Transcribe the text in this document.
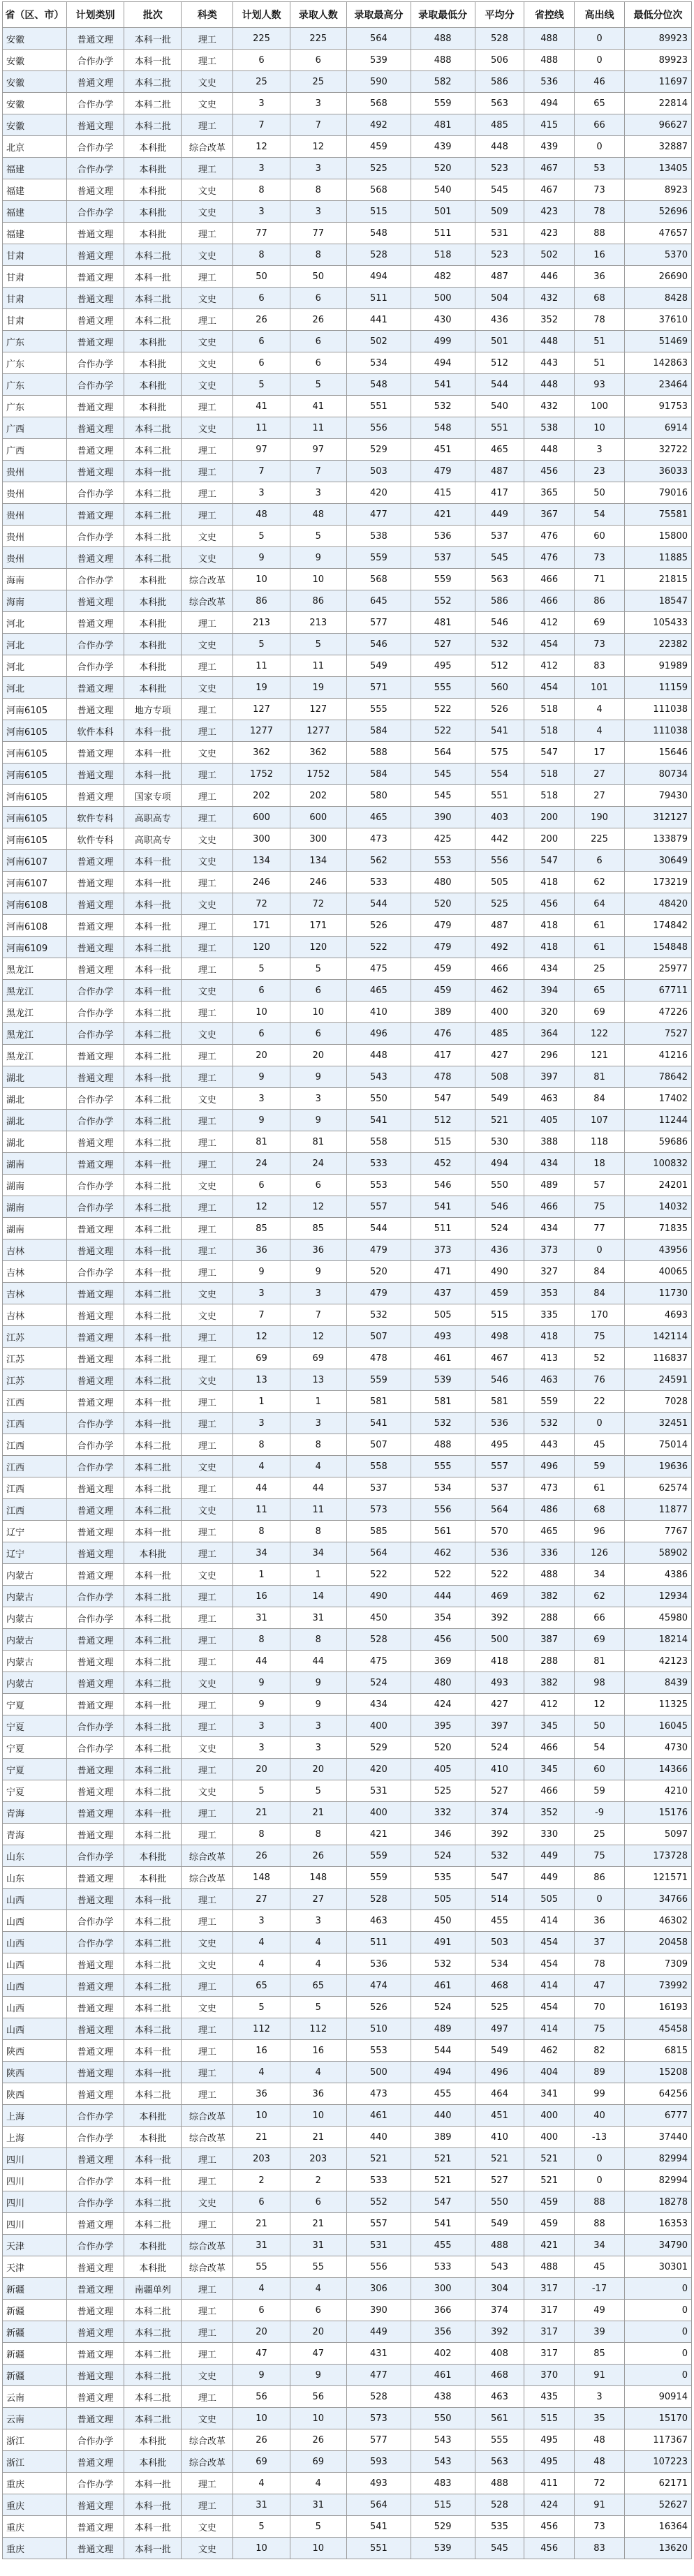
省（区、市）	计划类别	批次	科类	计划人数	录取人数	录取最高分	录取最低分	平均分	省控线	高出线	最低分位次
安徽	普通文理	本科一批	理工	225	225	564	488	528	488	0	89923
安徽	合作办学	本科一批	理工	6	6	539	488	506	488	0	89923
安徽	普通文理	本科二批	文史	25	25	590	582	586	536	46	11697
安徽	合作办学	本科二批	文史	3	3	568	559	563	494	65	22814
安徽	普通文理	本科二批	理工	7	7	492	481	485	415	66	96627
北京	合作办学	本科批	综合改革	12	12	459	439	448	439	0	32887
福建	合作办学	本科批	理工	3	3	525	520	523	467	53	13405
福建	普通文理	本科批	文史	8	8	568	540	545	467	73	8923
福建	合作办学	本科批	文史	3	3	515	501	509	423	78	52696
福建	普通文理	本科批	理工	77	77	548	511	531	423	88	47657
甘肃	普通文理	本科二批	文史	8	8	528	518	523	502	16	5370
甘肃	普通文理	本科一批	理工	50	50	494	482	487	446	36	26690
甘肃	普通文理	本科二批	文史	6	6	511	500	504	432	68	8428
甘肃	普通文理	本科二批	理工	26	26	441	430	436	352	78	37610
广东	普通文理	本科批	文史	6	6	502	499	501	448	51	51469
广东	合作办学	本科批	文史	6	6	534	494	512	443	51	142863
广东	合作办学	本科批	文史	5	5	548	541	544	448	93	23464
广东	普通文理	本科批	理工	41	41	551	532	540	432	100	91753
广西	普通文理	本科二批	文史	11	11	556	548	551	538	10	6914
广西	普通文理	本科二批	理工	97	97	529	451	465	448	3	32722
贵州	普通文理	本科一批	理工	7	7	503	479	487	456	23	36033
贵州	合作办学	本科二批	理工	3	3	420	415	417	365	50	79016
贵州	普通文理	本科二批	理工	48	48	477	421	449	367	54	75581
贵州	合作办学	本科二批	文史	5	5	538	536	537	476	60	15800
贵州	普通文理	本科二批	文史	9	9	559	537	545	476	73	11885
海南	合作办学	本科批	综合改革	10	10	568	559	563	466	71	21815
海南	普通文理	本科批	综合改革	86	86	645	552	586	466	86	18547
河北	普通文理	本科批	理工	213	213	577	481	546	412	69	105433
河北	合作办学	本科批	文史	5	5	546	527	532	454	73	22382
河北	合作办学	本科批	理工	11	11	549	495	512	412	83	91989
河北	普通文理	本科批	文史	19	19	571	555	560	454	101	11159
河南6105	普通文理	地方专项	理工	127	127	555	522	526	518	4	111038
河南6105	软件本科	本科一批	理工	1277	1277	584	522	541	518	4	111038
河南6105	普通文理	本科一批	文史	362	362	588	564	575	547	17	15646
河南6105	普通文理	本科一批	理工	1752	1752	584	545	554	518	27	80734
河南6105	普通文理	国家专项	理工	202	202	580	545	551	518	27	79430
河南6105	软件专科	高职高专	理工	600	600	465	390	403	200	190	312127
河南6105	软件专科	高职高专	文史	300	300	473	425	442	200	225	133879
河南6107	普通文理	本科一批	文史	134	134	562	553	556	547	6	30649
河南6107	普通文理	本科一批	理工	246	246	533	480	505	418	62	173219
河南6108	普通文理	本科一批	文史	72	72	544	520	525	456	64	48420
河南6108	普通文理	本科一批	理工	171	171	526	479	487	418	61	174842
河南6109	普通文理	本科二批	理工	120	120	522	479	492	418	61	154848
黑龙江	普通文理	本科一批	理工	5	5	475	459	466	434	25	25977
黑龙江	合作办学	本科一批	文史	6	6	465	459	462	394	65	67711
黑龙江	合作办学	本科二批	理工	10	10	410	389	400	320	69	47226
黑龙江	合作办学	本科二批	文史	6	6	496	476	485	364	122	7527
黑龙江	普通文理	本科二批	理工	20	20	448	417	427	296	121	41216
湖北	普通文理	本科一批	理工	9	9	543	478	508	397	81	78642
湖北	合作办学	本科二批	文史	3	3	550	547	549	463	84	17402
湖北	合作办学	本科二批	理工	9	9	541	512	521	405	107	11244
湖北	普通文理	本科二批	理工	81	81	558	515	530	388	118	59686
湖南	普通文理	本科一批	理工	24	24	533	452	494	434	18	100832
湖南	合作办学	本科二批	文史	6	6	553	546	550	489	57	24201
湖南	合作办学	本科二批	理工	12	12	557	541	546	466	75	14032
湖南	普通文理	本科二批	理工	85	85	544	511	524	434	77	71835
吉林	普通文理	本科一批	理工	36	36	479	373	436	373	0	43956
吉林	合作办学	本科一批	理工	9	9	520	471	490	327	84	40065
吉林	普通文理	本科二批	文史	3	3	479	437	459	353	84	11730
吉林	普通文理	本科二批	文史	7	7	532	505	515	335	170	4693
江苏	普通文理	本科一批	理工	12	12	507	493	498	418	75	142114
江苏	普通文理	本科二批	理工	69	69	478	461	467	413	52	116837
江苏	普通文理	本科二批	文史	13	13	559	539	546	463	76	24591
江西	普通文理	本科一批	理工	1	1	581	581	581	559	22	7028
江西	合作办学	本科一批	理工	3	3	541	532	536	532	0	32451
江西	合作办学	本科二批	理工	8	8	507	488	495	443	45	75014
江西	合作办学	本科二批	文史	4	4	558	555	557	496	59	19636
江西	普通文理	本科二批	理工	44	44	537	534	537	473	61	62574
江西	普通文理	本科二批	文史	11	11	573	556	564	486	68	11877
辽宁	普通文理	本科一批	理工	8	8	585	561	570	465	96	7767
辽宁	普通文理	本科批	理工	34	34	564	462	536	336	126	58902
内蒙古	普通文理	本科一批	文史	1	1	522	522	522	488	34	4386
内蒙古	合作办学	本科二批	理工	16	14	490	444	469	382	62	12934
内蒙古	合作办学	本科二批	理工	31	31	450	354	392	288	66	45980
内蒙古	普通文理	本科二批	理工	8	8	528	456	500	387	69	18214
内蒙古	普通文理	本科二批	理工	44	44	475	369	418	288	81	42123
内蒙古	普通文理	本科二批	文史	9	9	524	480	493	382	98	8439
宁夏	普通文理	本科一批	理工	9	9	434	424	427	412	12	11325
宁夏	合作办学	本科二批	理工	3	3	400	395	397	345	50	16045
宁夏	合作办学	本科二批	文史	3	3	529	520	524	466	54	4730
宁夏	普通文理	本科二批	理工	20	20	420	405	410	345	60	14366
宁夏	普通文理	本科二批	文史	5	5	531	525	527	466	59	4210
青海	普通文理	本科一批	理工	21	21	400	332	374	352	-9	15176
青海	普通文理	本科二批	理工	8	8	421	346	392	330	25	5097
山东	合作办学	本科批	综合改革	26	26	559	524	532	449	75	173728
山东	普通文理	本科批	综合改革	148	148	559	535	547	449	86	121571
山西	普通文理	本科一批	理工	27	27	528	505	514	505	0	34766
山西	合作办学	本科二批	理工	3	3	463	450	455	414	36	46302
山西	合作办学	本科二批	文史	4	4	511	491	503	454	37	20458
山西	普通文理	本科二批	文史	4	4	536	532	534	454	78	7309
山西	普通文理	本科二批	理工	65	65	474	461	468	414	47	73992
山西	普通文理	本科二批	文史	5	5	526	524	525	454	70	16193
山西	普通文理	本科二批	理工	112	112	510	489	497	414	75	45458
陕西	普通文理	本科一批	理工	16	16	553	544	549	462	82	6815
陕西	普通文理	本科一批	理工	4	4	500	494	496	404	89	15208
陕西	普通文理	本科二批	理工	36	36	473	455	464	341	99	64256
上海	合作办学	本科批	综合改革	10	10	461	440	451	400	40	6777
上海	合作办学	本科批	综合改革	21	21	440	389	410	400	-13	37440
四川	普通文理	本科一批	理工	203	203	521	521	521	521	0	82994
四川	合作办学	本科一批	理工	2	2	533	521	527	521	0	82994
四川	合作办学	本科二批	文史	6	6	552	547	550	459	88	18278
四川	普通文理	本科二批	理工	21	21	557	541	549	459	88	16353
天津	合作办学	本科批	综合改革	31	31	531	455	488	421	34	34790
天津	普通文理	本科批	综合改革	55	55	556	533	543	488	45	30301
新疆	普通文理	南疆单列	理工	4	4	306	300	304	317	-17	0
新疆	普通文理	本科二批	理工	6	6	390	366	374	317	49	0
新疆	普通文理	本科二批	理工	20	20	449	356	392	317	39	0
新疆	普通文理	本科二批	理工	47	47	431	402	408	317	85	0
新疆	普通文理	本科二批	文史	9	9	477	461	468	370	91	0
云南	普通文理	本科二批	理工	56	56	528	438	463	435	3	90914
云南	普通文理	本科二批	文史	10	10	573	550	561	515	35	15170
浙江	合作办学	本科批	综合改革	26	26	577	543	555	495	48	117367
浙江	普通文理	本科批	综合改革	69	69	593	543	563	495	48	107223
重庆	合作办学	本科一批	理工	4	4	493	483	488	411	72	62171
重庆	普通文理	本科一批	理工	31	31	564	515	528	424	91	52627
重庆	普通文理	本科一批	文史	5	5	541	529	535	456	73	16364
重庆	普通文理	本科一批	文史	10	10	551	539	545	456	83	13620
